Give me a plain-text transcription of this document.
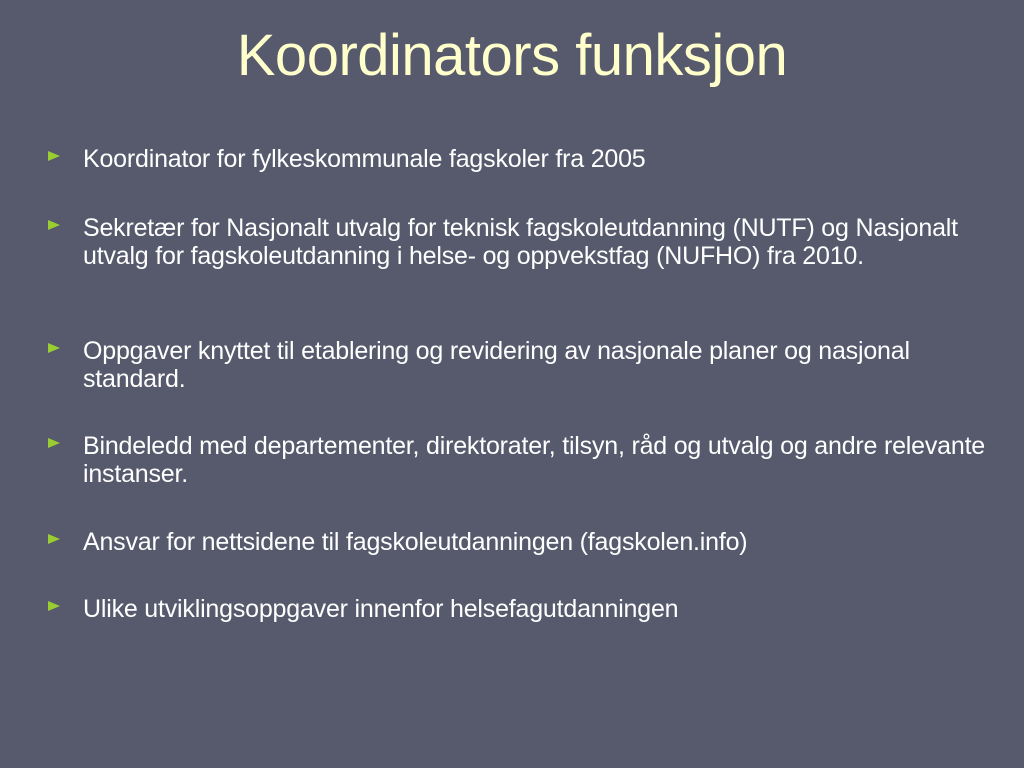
Koordinators funksjon
Koordinator for fylkeskommunale fagskoler fra 2005
Sekretær for Nasjonalt utvalg for teknisk fagskoleutdanning (NUTF) og Nasjonalt utvalg for fagskoleutdanning i helse- og oppvekstfag (NUFHO) fra 2010.
Oppgaver knyttet til etablering og revidering av nasjonale planer og nasjonal standard.
Bindeledd med departementer, direktorater, tilsyn, råd og utvalg og andre relevante instanser.
Ansvar for nettsidene til fagskoleutdanningen (fagskolen.info)
Ulike utviklingsoppgaver innenfor helsefagutdanningen
